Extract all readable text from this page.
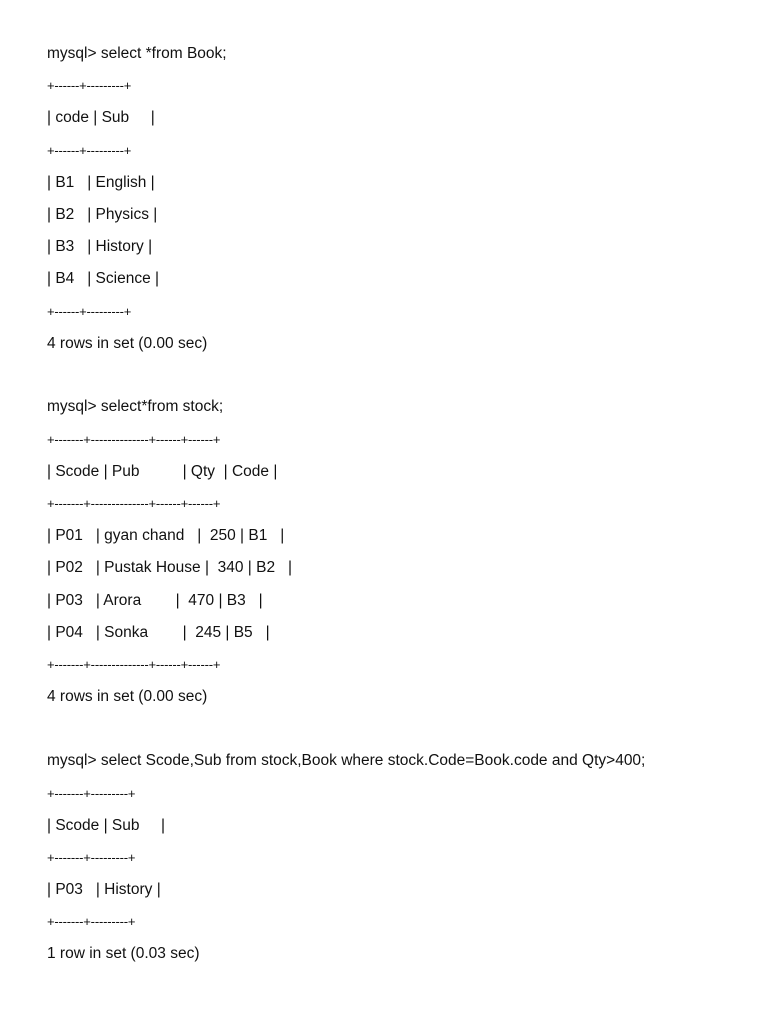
mysql> select *from Book;
+------+---------+
| code | Sub     |
+------+---------+
| B1   | English |
| B2   | Physics |
| B3   | History |
| B4   | Science |
+------+---------+
4 rows in set (0.00 sec)
mysql> select*from stock;
+-------+--------------+------+------+
| Scode | Pub          | Qty  | Code |
+-------+--------------+------+------+
| P01   | gyan chand   |  250 | B1   |
| P02   | Pustak House |  340 | B2   |
| P03   | Arora        |  470 | B3   |
| P04   | Sonka        |  245 | B5   |
+-------+--------------+------+------+
4 rows in set (0.00 sec)
mysql> select Scode,Sub from stock,Book where stock.Code=Book.code and Qty>400;
+-------+---------+
| Scode | Sub     |
+-------+---------+
| P03   | History |
+-------+---------+
1 row in set (0.03 sec)
